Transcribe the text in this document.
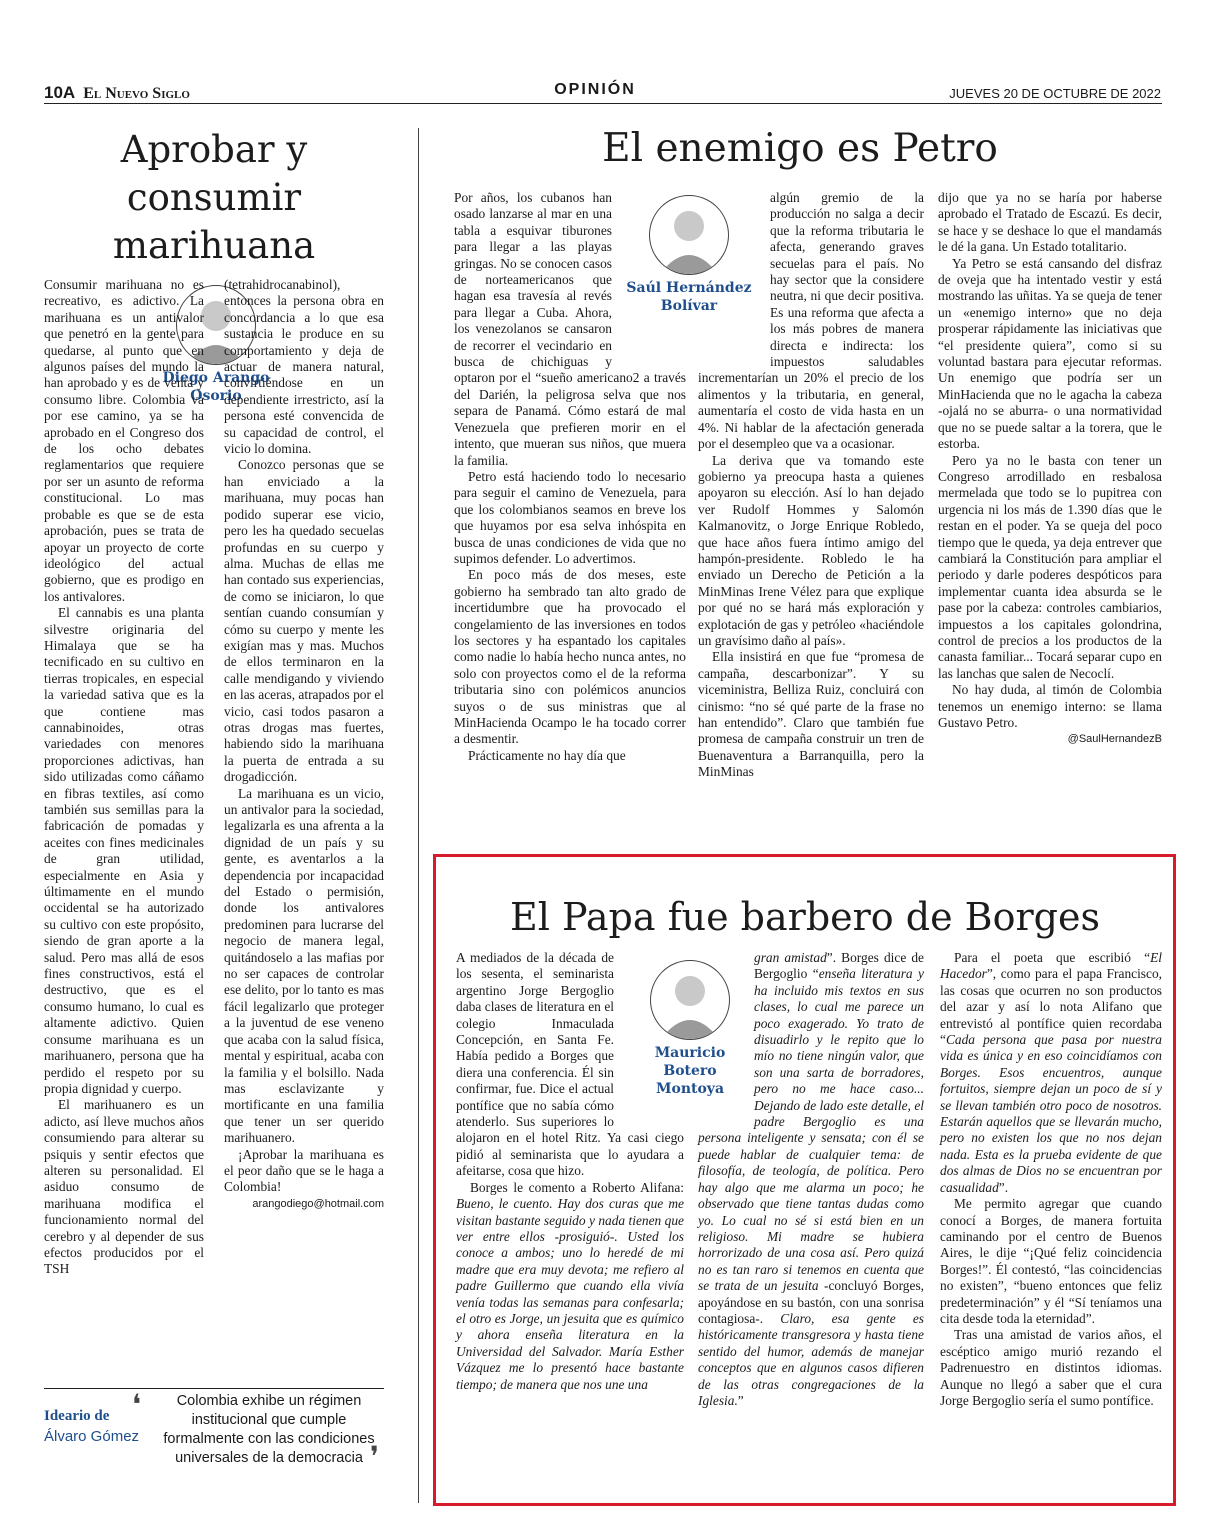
10A El Nuevo Siglo	OPINIÓN	JUEVES 20 DE OCTUBRE DE 2022
Aprobar y
consumir
marihuana
Diego Arango
Osorio

Consumir marihuana no es recreativo, es adictivo. La marihuana es un antivalor que penetró en la gente para quedarse, al punto que en algunos países del mundo la han aprobado y es de venta y consumo libre. Colombia va por ese camino, ya se ha aprobado en el Congreso dos de los ocho debates reglamentarios que requiere por ser un asunto de reforma constitucional. Lo mas probable es que se de esta aprobación, pues se trata de apoyar un proyecto de corte ideológico del actual gobierno, que es prodigo en los antivalores.

El cannabis es una planta silvestre originaria del Himalaya que se ha tecnificado en su cultivo en tierras tropicales, en especial la variedad sativa que es la que contiene mas cannabinoides, otras variedades con menores proporciones adictivas, han sido utilizadas como cáñamo en fibras textiles, así como también sus semillas para la fabricación de pomadas y aceites con fines medicinales de gran utilidad, especialmente en Asia y últimamente en el mundo occidental se ha autorizado su cultivo con este propósito, siendo de gran aporte a la salud. Pero mas allá de esos fines constructivos, está el destructivo, que es el consumo humano, lo cual es altamente adictivo. Quien consume marihuana es un marihuanero, persona que ha perdido el respeto por su propia dignidad y cuerpo.

El marihuanero es un adicto, así lleve muchos años consumiendo para alterar su psiquis y sentir efectos que alteren su personalidad. El asiduo consumo de marihuana modifica el funcionamiento normal del cerebro y al depender de sus efectos producidos por el TSH

(tetrahidrocanabinol), entonces la persona obra en concordancia a lo que esa sustancia le produce en su comportamiento y deja de actuar de manera natural, convirtiéndose en un dependiente irrestricto, así la persona esté convencida de su capacidad de control, el vicio lo domina.

Conozco personas que se han enviciado a la marihuana, muy pocas han podido superar ese vicio, pero les ha quedado secuelas profundas en su cuerpo y alma. Muchas de ellas me han contado sus experiencias, de como se iniciaron, lo que sentían cuando consumían y cómo su cuerpo y mente les exigían mas y mas. Muchos de ellos terminaron en la calle mendigando y viviendo en las aceras, atrapados por el vicio, casi todos pasaron a otras drogas mas fuertes, habiendo sido la marihuana la puerta de entrada a su drogadicción.

La marihuana es un vicio, un antivalor para la sociedad, legalizarla es una afrenta a la dignidad de un país y su gente, es aventarlos a la dependencia por incapacidad del Estado o permisión, donde los antivalores predominen para lucrarse del negocio de manera legal, quitándoselo a las mafias por no ser capaces de controlar ese delito, por lo tanto es mas fácil legalizarlo que proteger a la juventud de ese veneno que acaba con la salud física, mental y espiritual, acaba con la familia y el bolsillo. Nada mas esclavizante y mortificante en una familia que tener un ser querido marihuanero.

¡Aprobar la marihuana es el peor daño que se le haga a Colombia!

arangodiego@hotmail.com
Ideario de
Álvaro Gómez
❛	Colombia exhibe un régimen institucional que cumple formalmente con las condiciones universales de la democracia ❜
El enemigo es Petro
Saúl Hernández
Bolívar

Por años, los cubanos han osado lanzarse al mar en una tabla a esquivar tiburones para llegar a las playas gringas. No se conocen casos de norteamericanos que hagan esa travesía al revés para llegar a Cuba. Ahora, los venezolanos se cansaron de recorrer el vecindario en busca de chichiguas y optaron por el “sueño americano2 a través del Darién, la peligrosa selva que nos separa de Panamá. Cómo estará de mal Venezuela que prefieren morir en el intento, que mueran sus niños, que muera la familia.

Petro está haciendo todo lo necesario para seguir el camino de Venezuela, para que los colombianos seamos en breve los que huyamos por esa selva inhóspita en busca de unas condiciones de vida que no supimos defender. Lo advertimos.

En poco más de dos meses, este gobierno ha sembrado tan alto grado de incertidumbre que ha provocado el congelamiento de las inversiones en todos los sectores y ha espantado los capitales como nadie lo había hecho nunca antes, no solo con proyectos como el de la reforma tributaria sino con polémicos anuncios suyos o de sus ministras que al MinHacienda Ocampo le ha tocado correr a desmentir.

Prácticamente no hay día que

algún gremio de la producción no salga a decir que la reforma tributaria le afecta, generando graves secuelas para el país. No hay sector que la considere neutra, ni que decir positiva. Es una reforma que afecta a los más pobres de manera directa e indirecta: los impuestos saludables incrementarían un 20% el precio de los alimentos y la tributaria, en general, aumentaría el costo de vida hasta en un 4%. Ni hablar de la afectación generada por el desempleo que va a ocasionar.

La deriva que va tomando este gobierno ya preocupa hasta a quienes apoyaron su elección. Así lo han dejado ver Rudolf Hommes y Salomón Kalmanovitz, o Jorge Enrique Robledo, que hace años fuera íntimo amigo del hampón-presidente. Robledo le ha enviado un Derecho de Petición a la MinMinas Irene Vélez para que explique por qué no se hará más exploración y explotación de gas y petróleo «haciéndole un gravísimo daño al país».

Ella insistirá en que fue “promesa de campaña, descarbonizar”. Y su viceministra, Belliza Ruiz, concluirá con cinismo: “no sé qué parte de la frase no han entendido”. Claro que también fue promesa de campaña construir un tren de Buenaventura a Barranquilla, pero la MinMinas

dijo que ya no se haría por haberse aprobado el Tratado de Escazú. Es decir, se hace y se deshace lo que el mandamás le dé la gana. Un Estado totalitario.

Ya Petro se está cansando del disfraz de oveja que ha intentado vestir y está mostrando las uñitas. Ya se queja de tener un «enemigo interno» que no deja prosperar rápidamente las iniciativas que “el presidente quiera”, como si su voluntad bastara para ejecutar reformas. Un enemigo que podría ser un MinHacienda que no le agacha la cabeza -ojalá no se aburra- o una normatividad que no se puede saltar a la torera, que le estorba.

Pero ya no le basta con tener un Congreso arrodillado en resbalosa mermelada que todo se lo pupitrea con urgencia ni los más de 1.390 días que le restan en el poder. Ya se queja del poco tiempo que le queda, ya deja entrever que cambiará la Constitución para ampliar el periodo y darle poderes despóticos para implementar cuanta idea absurda se le pase por la cabeza: controles cambiarios, impuestos a los capitales golondrina, control de precios a los productos de la canasta familiar... Tocará separar cupo en las lanchas que salen de Necoclí.

No hay duda, al timón de Colombia tenemos un enemigo interno: se llama Gustavo Petro.

@SaulHernandezB
El Papa fue barbero de Borges
Mauricio
Botero
Montoya

A mediados de la década de los sesenta, el seminarista argentino Jorge Bergoglio daba clases de literatura en el colegio Inmaculada Concepción, en Santa Fe. Había pedido a Borges que diera una conferencia. Él sin confirmar, fue. Dice el actual pontífice que no sabía cómo atenderlo. Sus superiores lo alojaron en el hotel Ritz. Ya casi ciego pidió al seminarista que lo ayudara a afeitarse, cosa que hizo.

Borges le comento a Roberto Alifana: Bueno, le cuento. Hay dos curas que me visitan bastante seguido y nada tienen que ver entre ellos -prosiguió-. Usted los conoce a ambos; uno lo heredé de mi madre que era muy devota; me refiero al padre Guillermo que cuando ella vivía venía todas las semanas para confesarla; el otro es Jorge, un jesuita que es químico y ahora enseña literatura en la Universidad del Salvador. María Esther Vázquez me lo presentó hace bastante tiempo; de manera que nos une una

gran amistad”. Borges dice de Bergoglio “enseña literatura y ha incluido mis textos en sus clases, lo cual me parece un poco exagerado. Yo trato de disuadirlo y le repito que lo mío no tiene ningún valor, que son una sarta de borradores, pero no me hace caso... Dejando de lado este detalle, el padre Bergoglio es una persona inteligente y sensata; con él se puede hablar de cualquier tema: de filosofía, de teología, de política. Pero hay algo que me alarma un poco; he observado que tiene tantas dudas como yo. Lo cual no sé si está bien en un religioso. Mi madre se hubiera horrorizado de una cosa así. Pero quizá no es tan raro si tenemos en cuenta que se trata de un jesuita -concluyó Borges, apoyándose en su bastón, con una sonrisa contagiosa-. Claro, esa gente es históricamente transgresora y hasta tiene sentido del humor, además de manejar conceptos que en algunos casos difieren de las otras congregaciones de la Iglesia.”

Para el poeta que escribió “El Hacedor”, como para el papa Francisco, las cosas que ocurren no son productos del azar y así lo nota Alifano que entrevistó al pontífice quien recordaba “Cada persona que pasa por nuestra vida es única y en eso coincidíamos con Borges. Esos encuentros, aunque fortuitos, siempre dejan un poco de sí y se llevan también otro poco de nosotros. Estarán aquellos que se llevarán mucho, pero no existen los que no nos dejan nada. Esta es la prueba evidente de que dos almas de Dios no se encuentran por casualidad”.

Me permito agregar que cuando conocí a Borges, de manera fortuita caminando por el centro de Buenos Aires, le dije “¡Qué feliz coincidencia Borges!”. Él contestó, “las coincidencias no existen”, “bueno entonces que feliz predeterminación” y él “Sí teníamos una cita desde toda la eternidad”.

Tras una amistad de varios años, el escéptico amigo murió rezando el Padrenuestro en distintos idiomas. Aunque no llegó a saber que el cura Jorge Bergoglio sería el sumo pontífice.
